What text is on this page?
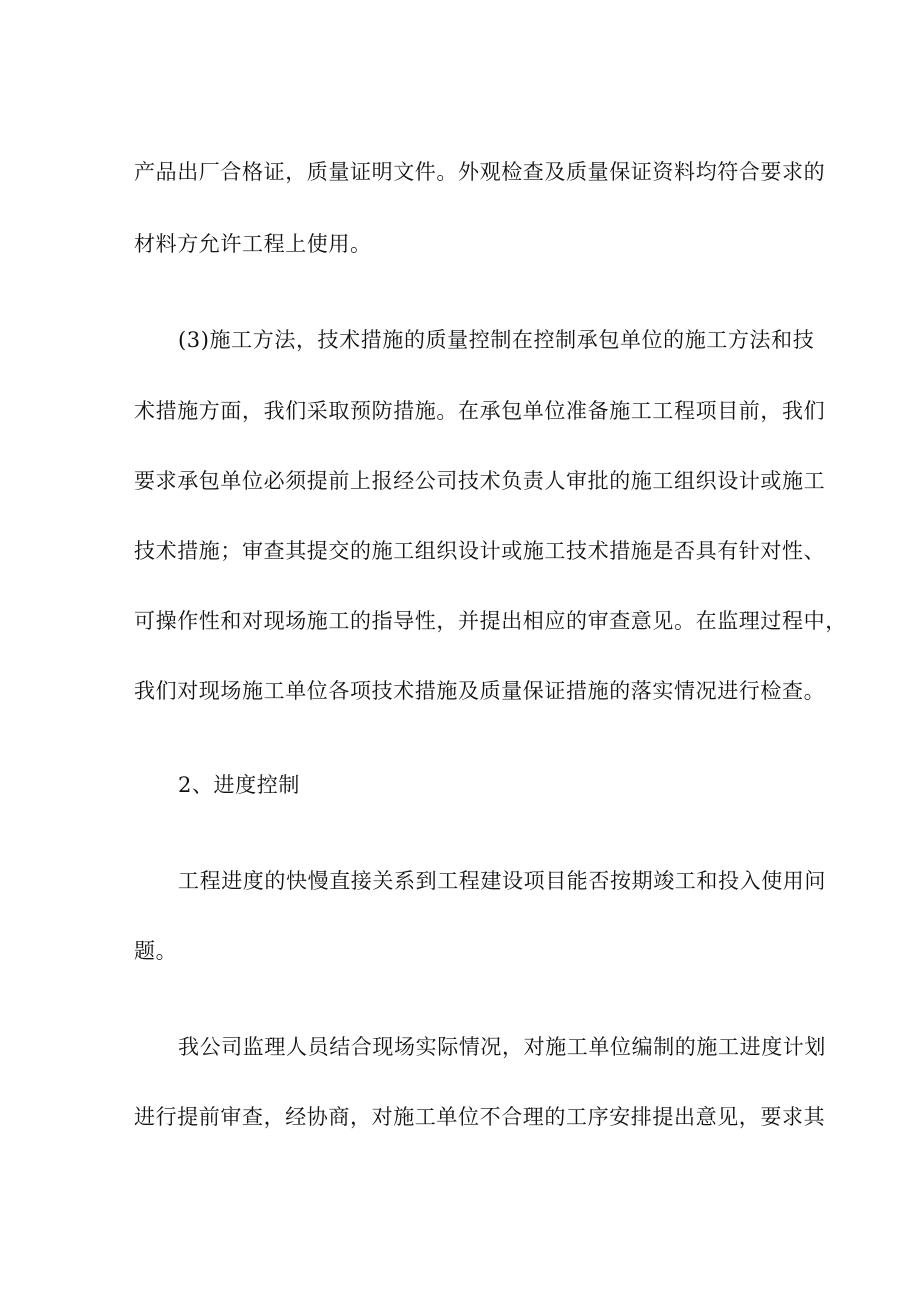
产品出厂合格证，质量证明文件。外观检查及质量保证资料均符合要求的
材料方允许工程上使用。
(3)施工方法，技术措施的质量控制在控制承包单位的施工方法和技
术措施方面，我们采取预防措施。在承包单位准备施工工程项目前，我们
要求承包单位必须提前上报经公司技术负责人审批的施工组织设计或施工
技术措施；审查其提交的施工组织设计或施工技术措施是否具有针对性、
可操作性和对现场施工的指导性，并提出相应的审查意见。在监理过程中，
我们对现场施工单位各项技术措施及质量保证措施的落实情况进行检查。
2、进度控制
工程进度的快慢直接关系到工程建设项目能否按期竣工和投入使用问
题。
我公司监理人员结合现场实际情况，对施工单位编制的施工进度计划
进行提前审查，经协商，对施工单位不合理的工序安排提出意见，要求其
